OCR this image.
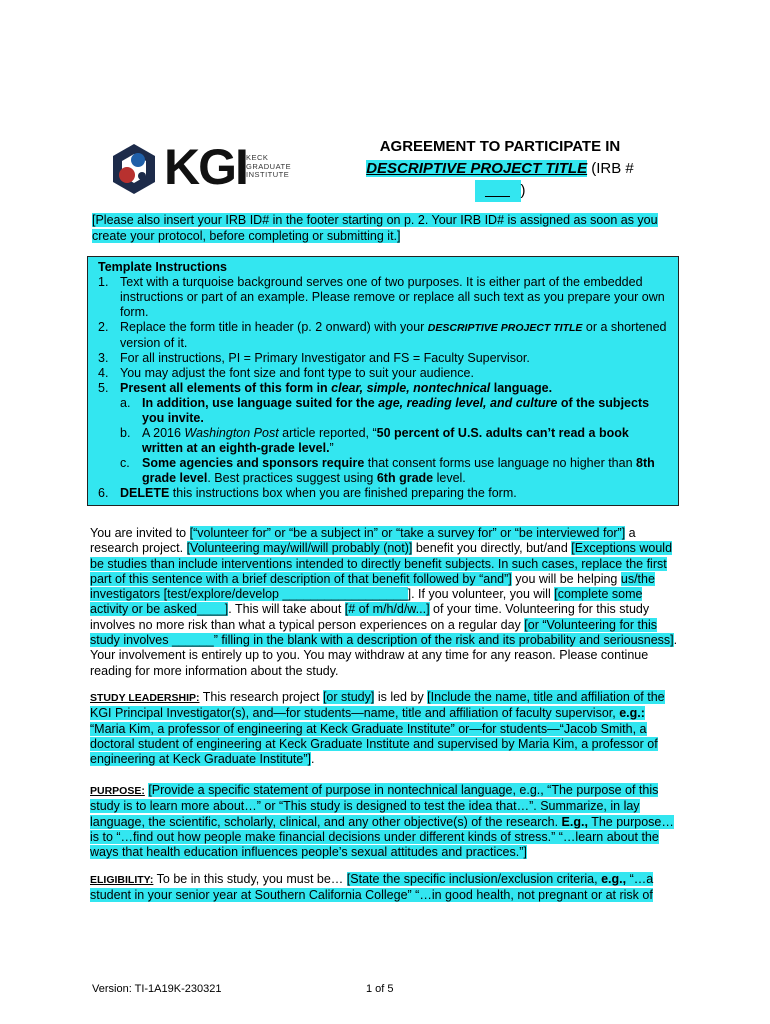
KGI KECK
GRADUATE
INSTITUTE
AGREEMENT TO PARTICIPATE IN
DESCRIPTIVE PROJECT TITLE (IRB #
)
[Please also insert your IRB ID# in the footer starting on p. 2. Your IRB ID# is assigned as soon as you create your protocol, before completing or submitting it.]
Template Instructions
1. Text with a turquoise background serves one of two purposes. It is either part of the embedded instructions or part of an example. Please remove or replace all such text as you prepare your own form.
2. Replace the form title in header (p. 2 onward) with your DESCRIPTIVE PROJECT TITLE or a shortened version of it.
3. For all instructions, PI = Primary Investigator and FS = Faculty Supervisor.
4. You may adjust the font size and font type to suit your audience.
5. Present all elements of this form in clear, simple, nontechnical language.
a. In addition, use language suited for the age, reading level, and culture of the subjects you invite.
b. A 2016 Washington Post article reported, “50 percent of U.S. adults can’t read a book written at an eighth-grade level.”
c. Some agencies and sponsors require that consent forms use language no higher than 8th grade level. Best practices suggest using 6th grade level.
6. DELETE this instructions box when you are finished preparing the form.
You are invited to [“volunteer for” or “be a subject in” or “take a survey for” or “be interviewed for”] a research project. [Volunteering may/will/will probably (not)] benefit you directly, but/and [Exceptions would be studies than include interventions intended to directly benefit subjects. In such cases, replace the first part of this sentence with a brief description of that benefit followed by “and”] you will be helping us/the investigators [test/explore/develop __________________]. If you volunteer, you will [complete some activity or be asked____]. This will take about [# of m/h/d/w...] of your time. Volunteering for this study involves no more risk than what a typical person experiences on a regular day [or “Volunteering for this study involves ______” filling in the blank with a description of the risk and its probability and seriousness]. Your involvement is entirely up to you. You may withdraw at any time for any reason. Please continue reading for more information about the study.
STUDY LEADERSHIP: This research project [or study] is led by [Include the name, title and affiliation of the KGI Principal Investigator(s), and—for students—name, title and affiliation of faculty supervisor, e.g.: “Maria Kim, a professor of engineering at Keck Graduate Institute” or—for students—“Jacob Smith, a doctoral student of engineering at Keck Graduate Institute and supervised by Maria Kim, a professor of engineering at Keck Graduate Institute”].
PURPOSE: [Provide a specific statement of purpose in nontechnical language, e.g., “The purpose of this study is to learn more about…” or “This study is designed to test the idea that…”. Summarize, in lay language, the scientific, scholarly, clinical, and any other objective(s) of the research. E.g., The purpose… is to “…find out how people make financial decisions under different kinds of stress.” “…learn about the ways that health education influences people’s sexual attitudes and practices.”]
ELIGIBILITY: To be in this study, you must be… [State the specific inclusion/exclusion criteria, e.g., “…a student in your senior year at Southern California College” “…in good health, not pregnant or at risk of
Version: TI-1A19K-230321	1 of 5
